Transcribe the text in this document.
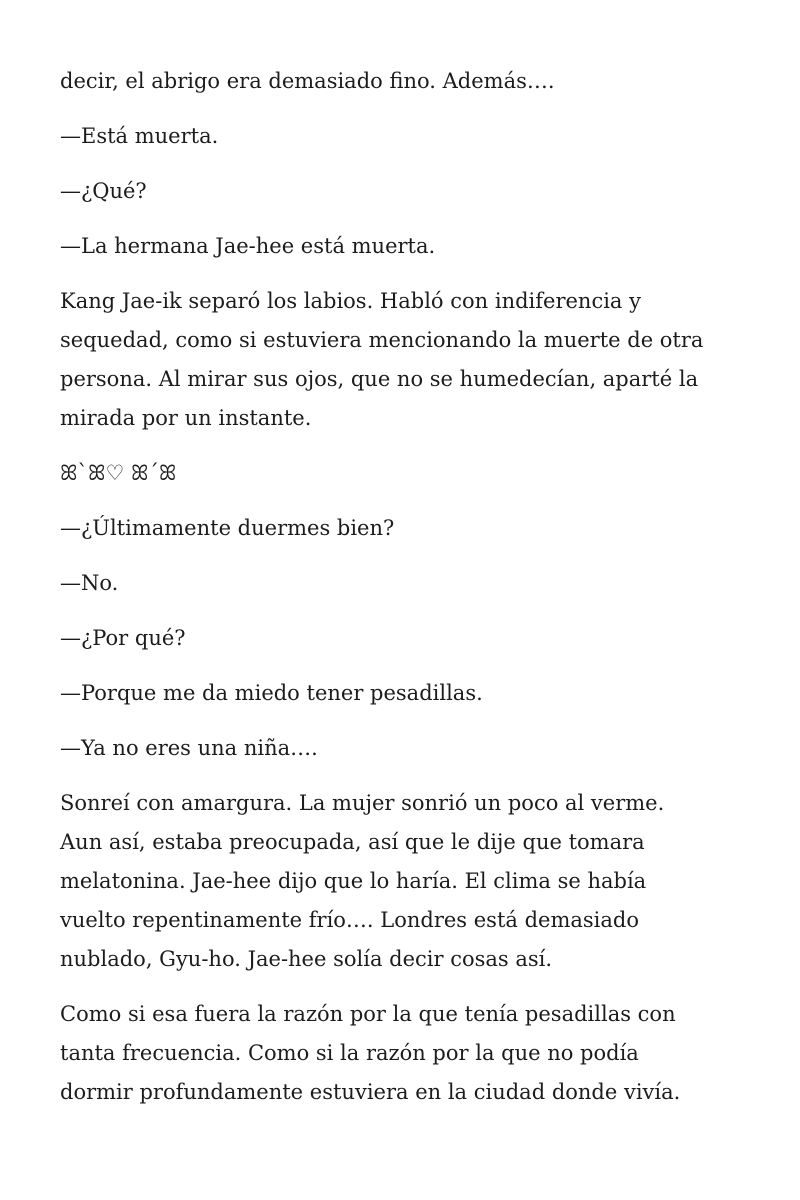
decir, el abrigo era demasiado fino. Además….

—Está muerta.

—¿Qué?

—La hermana Jae-hee está muerta.

Kang Jae-ik separó los labios. Habló con indiferencia y
sequedad, como si estuviera mencionando la muerte de otra
persona. Al mirar sus ojos, que no se humedecían, aparté la
mirada por un instante.

ꕤ`ꕤ♡ ꕤ´ꕤ

—¿Últimamente duermes bien?

—No.

—¿Por qué?

—Porque me da miedo tener pesadillas.

—Ya no eres una niña….

Sonreí con amargura. La mujer sonrió un poco al verme.
Aun así, estaba preocupada, así que le dije que tomara
melatonina. Jae-hee dijo que lo haría. El clima se había
vuelto repentinamente frío…. Londres está demasiado
nublado, Gyu-ho. Jae-hee solía decir cosas así.

Como si esa fuera la razón por la que tenía pesadillas con
tanta frecuencia. Como si la razón por la que no podía
dormir profundamente estuviera en la ciudad donde vivía.
